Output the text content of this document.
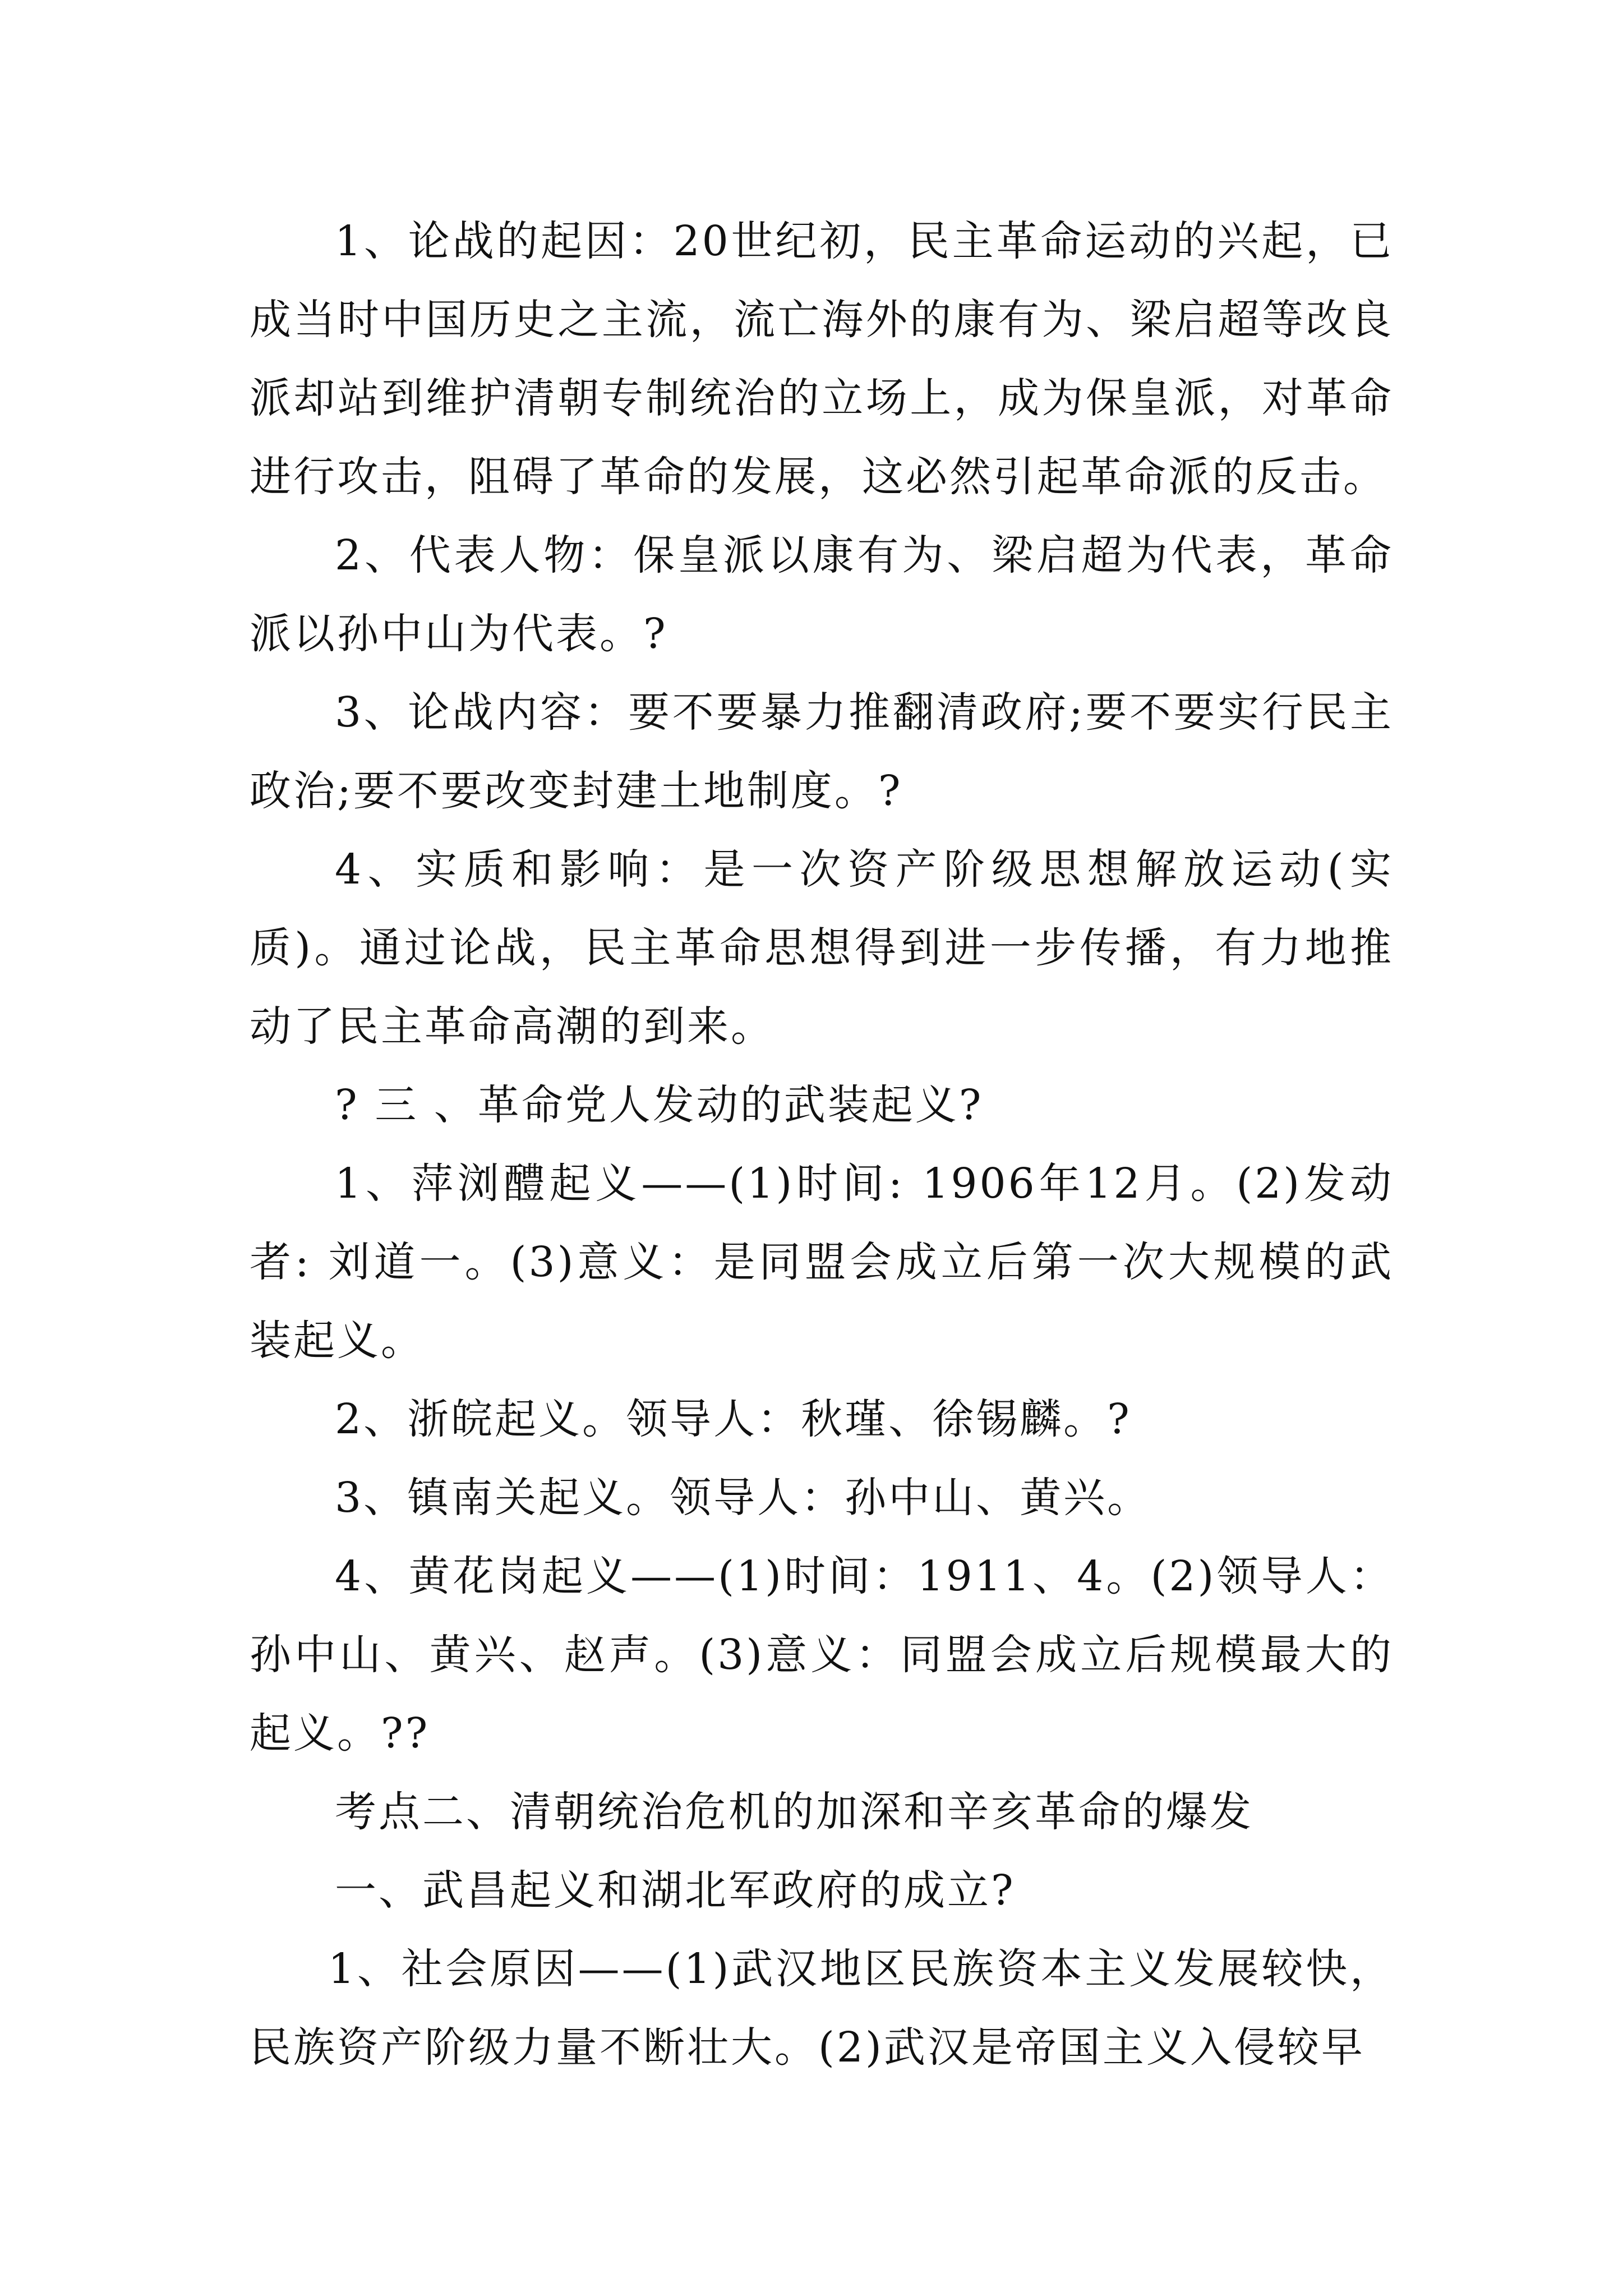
1、论战的起因：20世纪初，民主革命运动的兴起，已成当时中国历史之主流，流亡海外的康有为、梁启超等改良派却站到维护清朝专制统治的立场上，成为保皇派，对革命进行攻击，阻碍了革命的发展，这必然引起革命派的反击。

2、代表人物：保皇派以康有为、梁启超为代表，革命派以孙中山为代表。?

3、论战内容：要不要暴力推翻清政府;要不要实行民主政治;要不要改变封建土地制度。?

4、实质和影响：是一次资产阶级思想解放运动(实质)。通过论战，民主革命思想得到进一步传播，有力地推动了民主革命高潮的到来。

? 三 、革命党人发动的武装起义?

1、萍浏醴起义——(1)时间: 1906年12月。(2)发动者: 刘道一。(3)意义：是同盟会成立后第一次大规模的武装起义。

2、浙皖起义。领导人：秋瑾、徐锡麟。?

3、镇南关起义。领导人：孙中山、黄兴。

4、黄花岗起义——(1)时间：1911、4。(2)领导人：孙中山、黄兴、赵声。(3)意义：同盟会成立后规模最大的起义。??

考点二、清朝统治危机的加深和辛亥革命的爆发

一、武昌起义和湖北军政府的成立?

1、社会原因——(1)武汉地区民族资本主义发展较快，民族资产阶级力量不断壮大。(2)武汉是帝国主义入侵较早
